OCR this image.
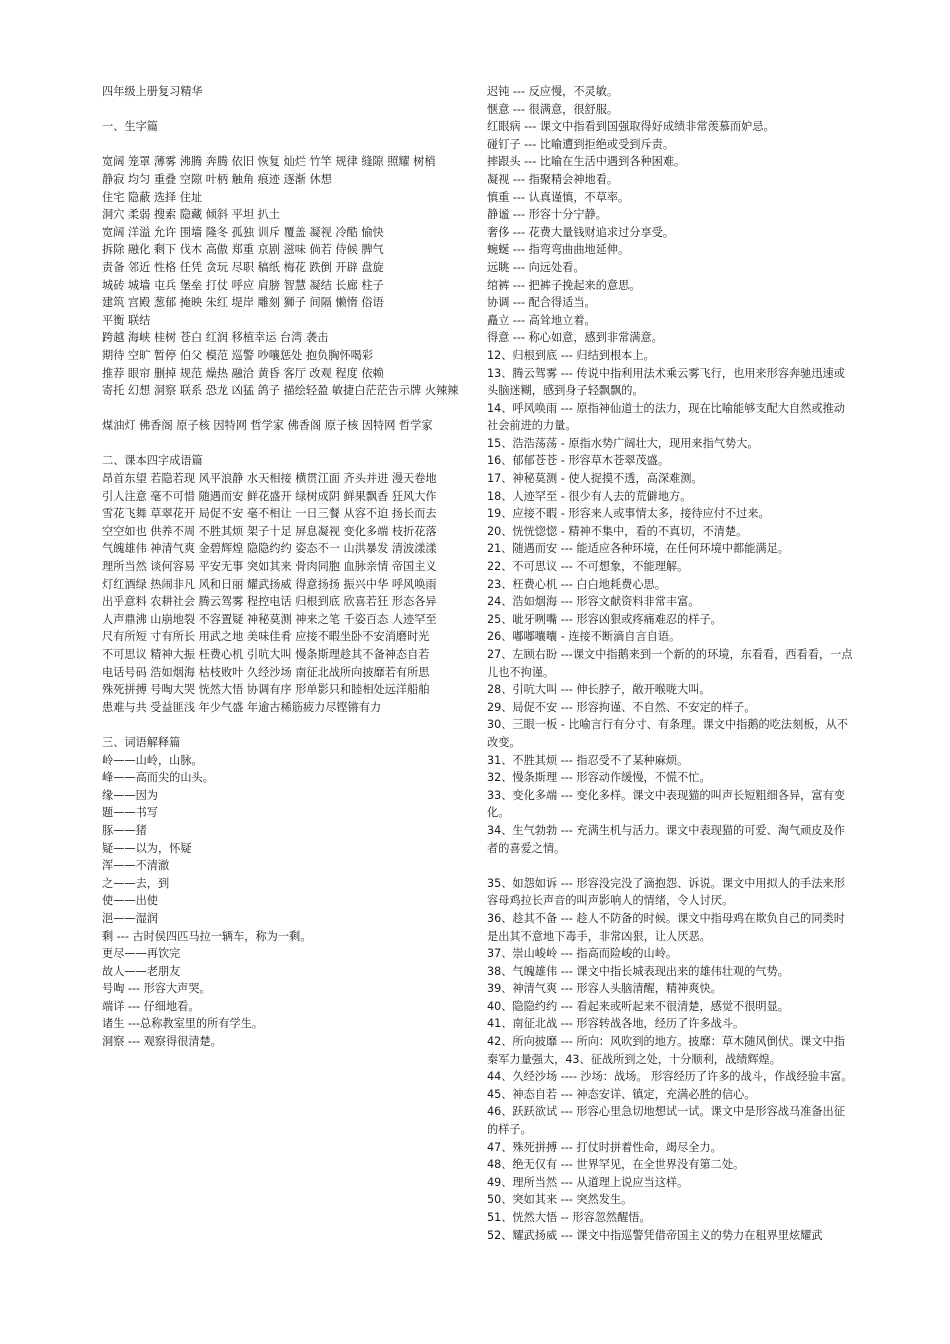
四年级上册复习精华
一、生字篇
宽阔 笼罩 薄雾 沸腾 奔腾 依旧 恢复 灿烂 竹竿 规律 缝隙 照耀 树梢
静寂 均匀 重叠 空隙 叶柄 触角 痕迹 逐渐 休想
住宅 隐蔽 选择 住址
洞穴 柔弱 搜索 隐藏 倾斜 平坦 扒土
宽阔 洋溢 允许 围墙 隆冬 孤独 训斥 覆盖 凝视 冷酷 愉快
拆除 融化 剩下 伐木 高傲 郑重 京剧 滋味 倘若 侍候 脾气
责备 邻近 性格 任凭 贪玩 尽职 稿纸 梅花 跌倒 开辟 盘旋
城砖 城墙 屯兵 堡垒 打仗 呼应 肩膀 智慧 凝结 长廊 柱子
建筑 宫殿 葱郁 掩映 朱红 堤岸 雕刻 狮子 间隔 懒惰 俗语
平衡 联结
跨越 海峡 桂树 苍白 红润 移植幸运 台湾 袭击
期待 空旷 暂停 伯父 模范 巡警 吵嚷惩处 抱负胸怀喝彩
推荐 眼帘 删掉 规范 燥热 融洽 黄昏 客厅 改观 程度 依赖
寄托 幻想 洞察 联系 恐龙 凶猛 鸽子 描绘轻盈 敏捷白茫茫告示牌 火辣辣
煤油灯 佛香阁 原子核 因特网 哲学家 佛香阁 原子核 因特网 哲学家
二、课本四字成语篇
昂首东望 若隐若现 风平浪静 水天相接 横贯江面 齐头并进 漫天卷地
引人注意 毫不可惜 随遇而安 鲜花盛开 绿树成阴 鲜果飘香 狂风大作
雪花飞舞 草翠花开 局促不安 毫不相让 一日三餐 从容不迫 扬长而去
空空如也 供养不周 不胜其烦 架子十足 屏息凝视 变化多端 枝折花落
气魄雄伟 神清气爽 金碧辉煌 隐隐约约 姿态不一 山洪暴发 清波漾漾
理所当然 谈何容易 平安无事 突如其来 骨肉同胞 血脉亲情 帝国主义
灯红酒绿 热闹非凡 风和日丽 耀武扬威 得意扬扬 振兴中华 呼风唤雨
出乎意料 农耕社会 腾云驾雾 程控电话 归根到底 欣喜若狂 形态各异
人声鼎沸 山崩地裂 不容置疑 神秘莫测 神来之笔 千姿百态 人迹罕至
尺有所短 寸有所长 用武之地 美味佳肴 应接不暇坐卧不安消磨时光
不可思议 精神大振 枉费心机 引吭大叫 慢条斯理趁其不备神态自若
电话号码 浩如烟海 枯枝败叶 久经沙场 南征北战所向披靡若有所思
殊死拼搏 号啕大哭 恍然大悟 协调有序 形单影只和睦相处远洋船舶
患难与共 受益匪浅 年少气盛 年逾古稀筋疲力尽铿锵有力
三、词语解释篇
岭——山岭，山脉。
峰——高而尖的山头。
缘——因为
题——书写
豚——猪
疑——以为，怀疑
浑——不清澈
之——去，到
使——出使
浥——湿润
剩 --- 古时侯四匹马拉一辆车，称为一剩。
更尽——再饮完
故人——老朋友
号啕 --- 形容大声哭。
端详 --- 仔细地看。
诸生 ---总称教室里的所有学生。
洞察 --- 观察得很清楚。
迟钝 --- 反应慢，不灵敏。
惬意 --- 很满意，很舒服。
红眼病 --- 课文中指看到国强取得好成绩非常羡慕而妒忌。
碰钉子 --- 比喻遭到拒绝或受到斥责。
摔跟头 --- 比喻在生活中遇到各种困难。
凝视 --- 指聚精会神地看。
慎重 --- 认真谨慎，不草率。
静谧 --- 形容十分宁静。
奢侈 --- 花费大量钱财追求过分享受。
蜿蜒 --- 指弯弯曲曲地延伸。
远眺 --- 向远处看。
绾裤 --- 把裤子挽起来的意思。
协调 --- 配合得适当。
矗立 --- 高耸地立着。
得意 --- 称心如意，感到非常满意。
12、归根到底 --- 归结到根本上。
13、腾云驾雾 --- 传说中指利用法术乘云雾飞行，也用来形容奔驰迅速或头脑迷糊，感到身子轻飘飘的。
14、呼风唤雨 --- 原指神仙道士的法力，现在比喻能够支配大自然或推动社会前进的力量。
15、浩浩荡荡 - 原指水势广阔壮大，现用来指气势大。
16、郁郁苍苍 - 形容草木苍翠茂盛。
17、神秘莫测 - 使人捉摸不透，高深难测。
18、人迹罕至 - 很少有人去的荒僻地方。
19、应接不暇 - 形容来人或事情太多，接待应付不过来。
20、恍恍惚惚 - 精神不集中，看的不真切，不清楚。
21、随遇而安 --- 能适应各种环境，在任何环境中都能满足。
22、不可思议 --- 不可想象，不能理解。
23、枉费心机 --- 白白地耗费心思。
24、浩如烟海 --- 形容文献资料非常丰富。
25、呲牙咧嘴 --- 形容凶狠或疼痛难忍的样子。
26、嘟嘟囔囔 - 连接不断滴自言自语。
27、左顾右盼 ---课文中指鹅来到一个新的的环境，东看看，西看看，一点儿也不拘谨。
28、引吭大叫 --- 伸长脖子，敞开喉咙大叫。
29、局促不安 --- 形容拘谨、不自然、不安定的样子。
30、三眼一板 - 比喻言行有分寸、有条理。课文中指鹅的吃法刻板，从不改变。
31、不胜其烦 --- 指忍受不了某种麻烦。
32、慢条斯理 --- 形容动作缓慢，不慌不忙。
33、变化多端 --- 变化多样。课文中表现猫的叫声长短粗细各异，富有变化。
34、生气勃勃 --- 充满生机与活力。课文中表现猫的可爱、淘气顽皮及作者的喜爱之情。
35、如怨如诉 --- 形容没完没了滴抱怨、诉说。课文中用拟人的手法来形容母鸡拉长声音的叫声影响人的情绪，令人讨厌。
36、趁其不备 --- 趁人不防备的时候。课文中指母鸡在欺负自己的同类时是出其不意地下毒手，非常凶狠，让人厌恶。
37、崇山峻岭 --- 指高而险峻的山岭。
38、气魄雄伟 --- 课文中指长城表现出来的雄伟壮观的气势。
39、神清气爽 --- 形容人头脑清醒，精神爽快。
40、隐隐约约 --- 看起来或听起来不很清楚，感觉不很明显。
41、南征北战 --- 形容转战各地，经历了许多战斗。
42、所向披靡 --- 所向：风吹到的地方。披靡：草木随风倒伏。课文中指秦军力量强大，43、征战所到之处，十分顺利，战绩辉煌。
44、久经沙场 ---- 沙场：战场。 形容经历了许多的战斗，作战经验丰富。
45、神态自若 --- 神态安详、镇定，充满必胜的信心。
46、跃跃欲试 --- 形容心里急切地想试一试。课文中是形容战马准备出征的样子。
47、殊死拼搏 --- 打仗时拼着性命，竭尽全力。
48、绝无仅有 --- 世界罕见，在全世界没有第二处。
49、理所当然 --- 从道理上说应当这样。
50、突如其来 --- 突然发生。
51、恍然大悟 -- 形容忽然醒悟。
52、耀武扬威 --- 课文中指巡警凭借帝国主义的势力在租界里炫耀武
